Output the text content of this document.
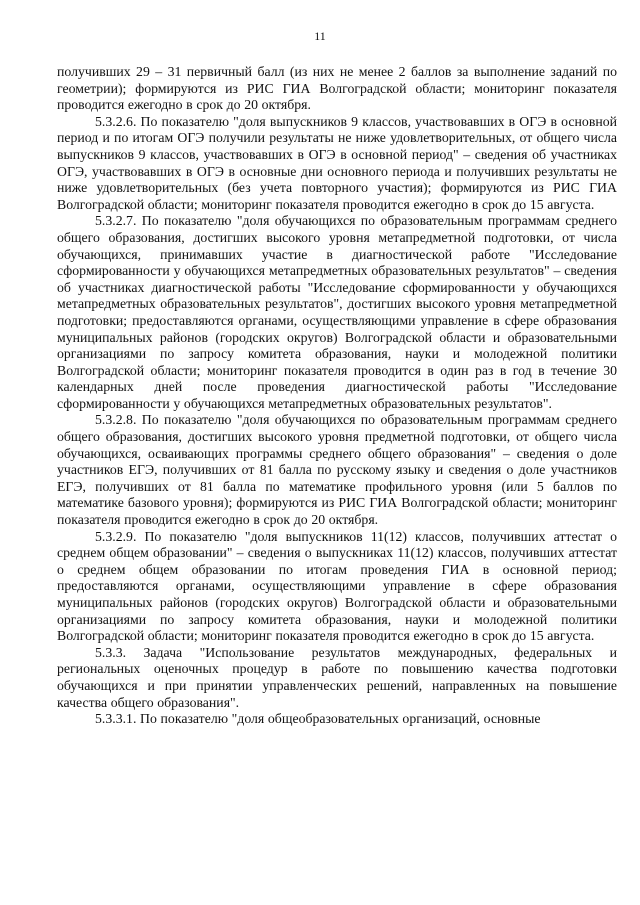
11

получивших 29 – 31 первичный балл (из них не менее 2 баллов за выполнение заданий по геометрии); формируются из РИС ГИА Волгоградской области; мониторинг показателя проводится ежегодно в срок до 20 октября.

5.3.2.6. По показателю "доля выпускников 9 классов, участвовавших в ОГЭ в основной период и по итогам ОГЭ получили результаты не ниже удовлетворительных, от общего числа выпускников 9 классов, участвовавших в ОГЭ в основной период" – сведения об участниках ОГЭ, участвовавших в ОГЭ в основные дни основного периода и получивших результаты не ниже удовлетворительных (без учета повторного участия); формируются из РИС ГИА Волгоградской области; мониторинг показателя проводится ежегодно в срок до 15 августа.

5.3.2.7. По показателю "доля обучающихся по образовательным программам среднего общего образования, достигших высокого уровня метапредметной подготовки, от числа обучающихся, принимавших участие в диагностической работе "Исследование сформированности у обучающихся метапредметных образовательных результатов" – сведения об участниках диагностической работы "Исследование сформированности у обучающихся метапредметных образовательных результатов", достигших высокого уровня метапредметной подготовки; предоставляются органами, осуществляющими управление в сфере образования муниципальных районов (городских округов) Волгоградской области и образовательными организациями по запросу комитета образования, науки и молодежной политики Волгоградской области; мониторинг показателя проводится в один раз в год в течение 30 календарных дней после проведения диагностической работы "Исследование сформированности у обучающихся метапредметных образовательных результатов".

5.3.2.8. По показателю "доля обучающихся по образовательным программам среднего общего образования, достигших высокого уровня предметной подготовки, от общего числа обучающихся, осваивающих программы среднего общего образования" – сведения о доле участников ЕГЭ, получивших от 81 балла по русскому языку и сведения о доле участников ЕГЭ, получивших от 81 балла по математике профильного уровня (или 5 баллов по математике базового уровня); формируются из РИС ГИА Волгоградской области; мониторинг показателя проводится ежегодно в срок до 20 октября.

5.3.2.9. По показателю "доля выпускников 11(12) классов, получивших аттестат о среднем общем образовании" – сведения о выпускниках 11(12) классов, получивших аттестат о среднем общем образовании по итогам проведения ГИА в основной период; предоставляются органами, осуществляющими управление в сфере образования муниципальных районов (городских округов) Волгоградской области и образовательными организациями по запросу комитета образования, науки и молодежной политики Волгоградской области; мониторинг показателя проводится ежегодно в срок до 15 августа.

5.3.3. Задача "Использование результатов международных, федеральных и региональных оценочных процедур в работе по повышению качества подготовки обучающихся и при принятии управленческих решений, направленных на повышение качества общего образования".

5.3.3.1. По показателю "доля общеобразовательных организаций, основные
